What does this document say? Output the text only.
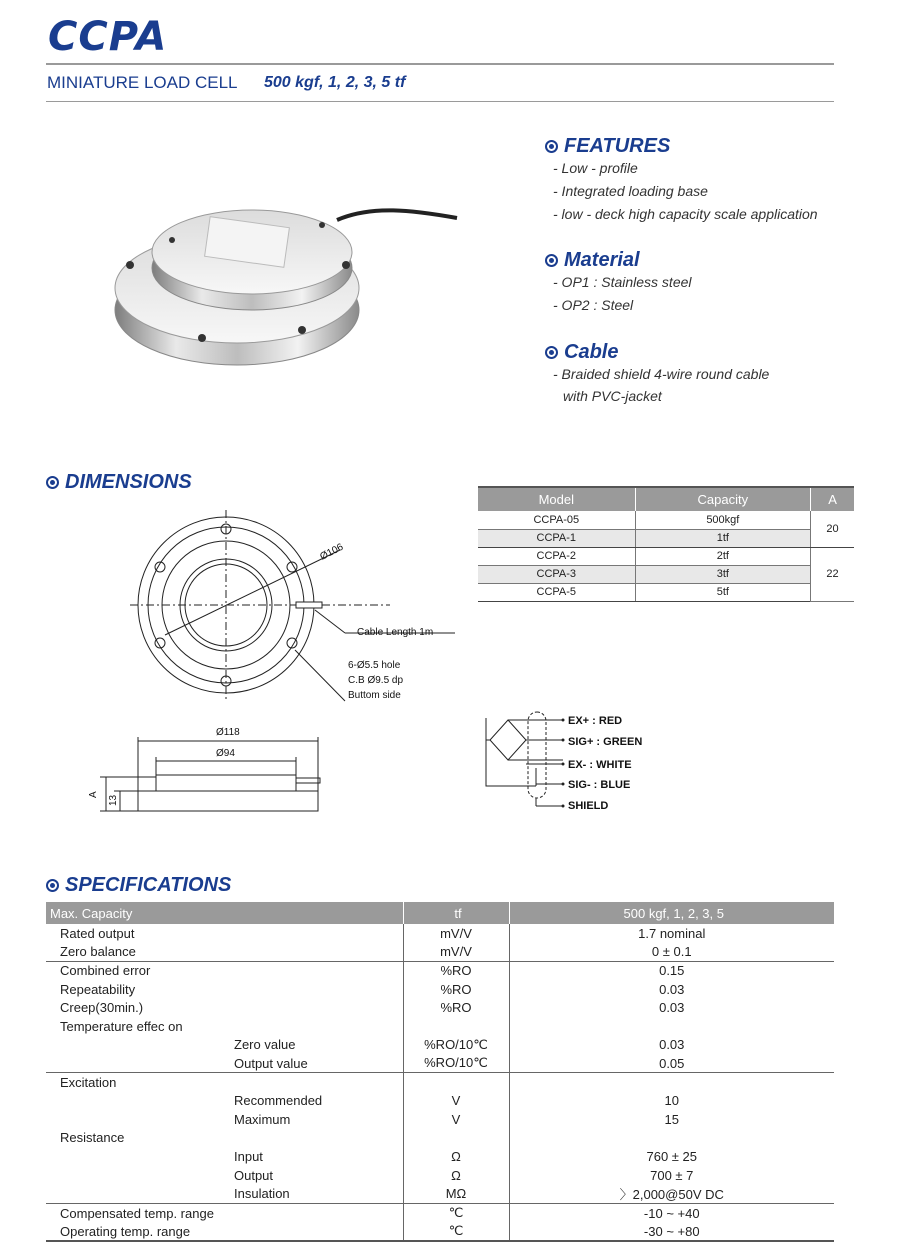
CCPA
MINIATURE LOAD CELL 500 kgf, 1, 2, 3, 5 tf
FEATURES
- Low - profile
- Integrated loading base
- low - deck high capacity scale application
Material
- OP1 : Stainless steel
- OP2 : Steel
Cable
- Braided shield 4-wire round cable
with PVC-jacket
DIMENSIONS
Ø106
Cable Length 1m
6-Ø5.5 hole
C.B Ø9.5 dp
Buttom side
Ø118
Ø94
A
13
Model	Capacity	A
CCPA-05	500kgf	20
CCPA-1	1tf	
CCPA-2	2tf	22
CCPA-3	3tf	
CCPA-5	5tf	
EX+ : RED
SIG+ : GREEN
EX- : WHITE
SIG- : BLUE
SHIELD
SPECIFICATIONS
Max. Capacity	tf	500 kgf, 1, 2, 3, 5
Rated output	mV/V	1.7 nominal
Zero balance	mV/V	0 ± 0.1
Combined error	%RO	0.15
Repeatability	%RO	0.03
Creep(30min.)	%RO	0.03
Temperature effec on		
Zero value	%RO/10℃	0.03
Output value	%RO/10℃	0.05
Excitation		
Recommended	V	10
Maximum	V	15
Resistance		
Input	Ω	760 ± 25
Output	Ω	700 ± 7
Insulation	MΩ	〉2,000@50V DC
Compensated temp. range	℃	-10 ~ +40
Operating temp. range	℃	-30 ~ +80
